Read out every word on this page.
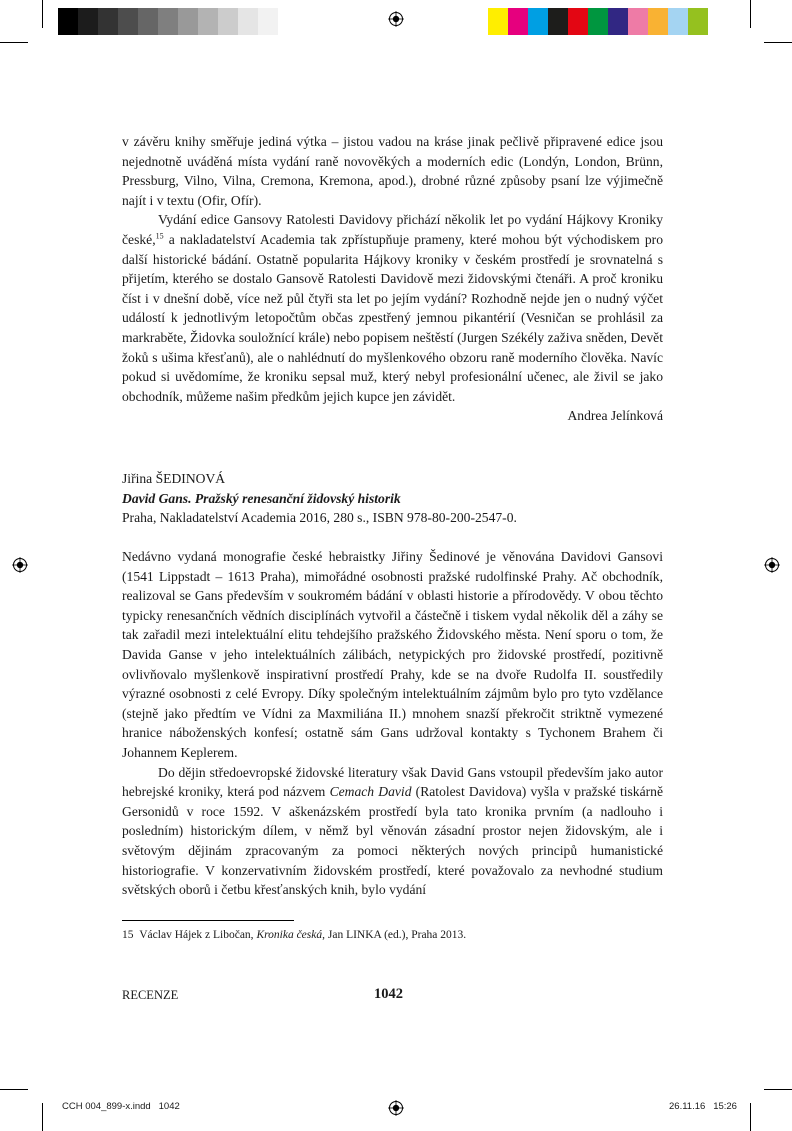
v závěru knihy směřuje jediná výtka – jistou vadou na kráse jinak pečlivě připravené edice jsou nejednotně uváděná místa vydání raně novověkých a moderních edic (Londýn, London, Brünn, Pressburg, Vilno, Vilna, Cremona, Kremona, apod.), drobné různé způsoby psaní lze výjimečně najít i v textu (Ofir, Ofír).

Vydání edice Gansovy Ratolesti Davidovy přichází několik let po vydání Hájkovy Kroniky české,$^{15}$ a nakladatelství Academia tak zpřístupňuje prameny, které mohou být východiskem pro další historické bádání. Ostatně popularita Hájkovy kroniky v českém prostředí je srovnatelná s přijetím, kterého se dostalo Gansově Ratolesti Davidově mezi židovskými čtenáři. A proč kroniku číst i v dnešní době, více než půl čtyři sta let po jejím vydání? Rozhodně nejde jen o nudný výčet událostí k jednotlivým letopočtům občas zpestřený jemnou pikantérií (Vesničan se prohlásil za markraběte, Židovka souložnící krále) nebo popisem neštěstí (Jurgen Székély zaživa sněden, Devět žoků s ušima křesťanů), ale o nahlédnutí do myšlenkového obzoru raně moderního člověka. Navíc pokud si uvědomíme, že kroniku sepsal muž, který nebyl profesionální učenec, ale živil se jako obchodník, můžeme našim předkům jejich kupce jen závidět.

Andrea Jelínková

Jiřina ŠEDINOVÁ
David Gans. Pražský renesanční židovský historik
Praha, Nakladatelství Academia 2016, 280 s., ISBN 978-80-200-2547-0.

Nedávno vydaná monografie české hebraistky Jiřiny Šedinové je věnována Davidovi Gansovi (1541 Lippstadt – 1613 Praha), mimořádné osobnosti pražské rudolfinské Prahy. Ač obchodník, realizoval se Gans především v soukromém bádání v oblasti historie a přírodovědy. V obou těchto typicky renesančních vědních disciplínách vytvořil a částečně i tiskem vydal několik děl a záhy se tak zařadil mezi intelektuální elitu tehdejšího pražského Židovského města. Není sporu o tom, že Davida Ganse v jeho intelektuálních zálibách, netypických pro židovské prostředí, pozitivně ovlivňovalo myšlenkově inspirativní prostředí Prahy, kde se na dvoře Rudolfa II. soustředily výrazné osobnosti z celé Evropy. Díky společným intelektuálním zájmům bylo pro tyto vzdělance (stejně jako předtím ve Vídni za Maxmiliána II.) mnohem snazší překročit striktně vymezené hranice náboženských konfesí; ostatně sám Gans udržoval kontakty s Tychonem Brahem či Johannem Keplerem.

Do dějin středoevropské židovské literatury však David Gans vstoupil především jako autor hebrejské kroniky, která pod názvem Cemach David (Ratolest Davidova) vyšla v pražské tiskárně Gersonidů v roce 1592. V aškenázském prostředí byla tato kronika prvním (a nadlouho i posledním) historickým dílem, v němž byl věnován zásadní prostor nejen židovským, ale i světovým dějinám zpracovaným za pomoci některých nových principů humanistické historiografie. V konzervativním židovském prostředí, které považovalo za nevhodné studium světských oborů i četbu křesťanských knih, bylo vydání

15 Václav Hájek z Libočan, Kronika česká, Jan LINKA (ed.), Praha 2013.
RECENZE	1042
CCH 004_899-x.indd   1042	26.11.16   15:26
